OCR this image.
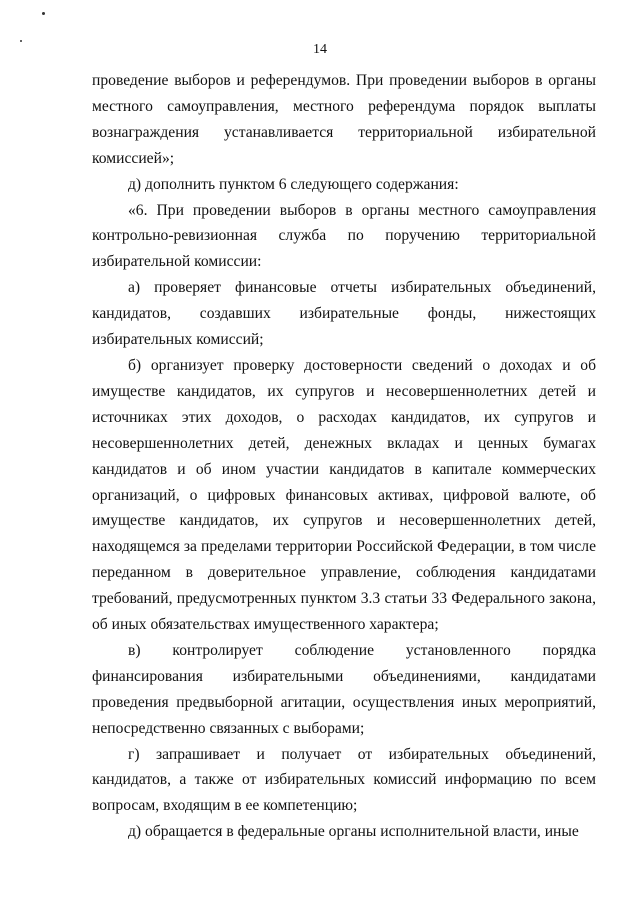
14

проведение выборов и референдумов. При проведении выборов в органы местного самоуправления, местного референдума порядок выплаты вознаграждения устанавливается территориальной избирательной комиссией»;

д) дополнить пунктом 6 следующего содержания:

«6. При проведении выборов в органы местного самоуправления контрольно-ревизионная служба по поручению территориальной избирательной комиссии:

а) проверяет финансовые отчеты избирательных объединений, кандидатов, создавших избирательные фонды, нижестоящих избирательных комиссий;

б) организует проверку достоверности сведений о доходах и об имуществе кандидатов, их супругов и несовершеннолетних детей и источниках этих доходов, о расходах кандидатов, их супругов и несовершеннолетних детей, денежных вкладах и ценных бумагах кандидатов и об ином участии кандидатов в капитале коммерческих организаций, о цифровых финансовых активах, цифровой валюте, об имуществе кандидатов, их супругов и несовершеннолетних детей, находящемся за пределами территории Российской Федерации, в том числе переданном в доверительное управление, соблюдения кандидатами требований, предусмотренных пунктом 3.3 статьи 33 Федерального закона, об иных обязательствах имущественного характера;

в) контролирует соблюдение установленного порядка финансирования избирательными объединениями, кандидатами проведения предвыборной агитации, осуществления иных мероприятий, непосредственно связанных с выборами;

г) запрашивает и получает от избирательных объединений, кандидатов, а также от избирательных комиссий информацию по всем вопросам, входящим в ее компетенцию;

д) обращается в федеральные органы исполнительной власти, иные
